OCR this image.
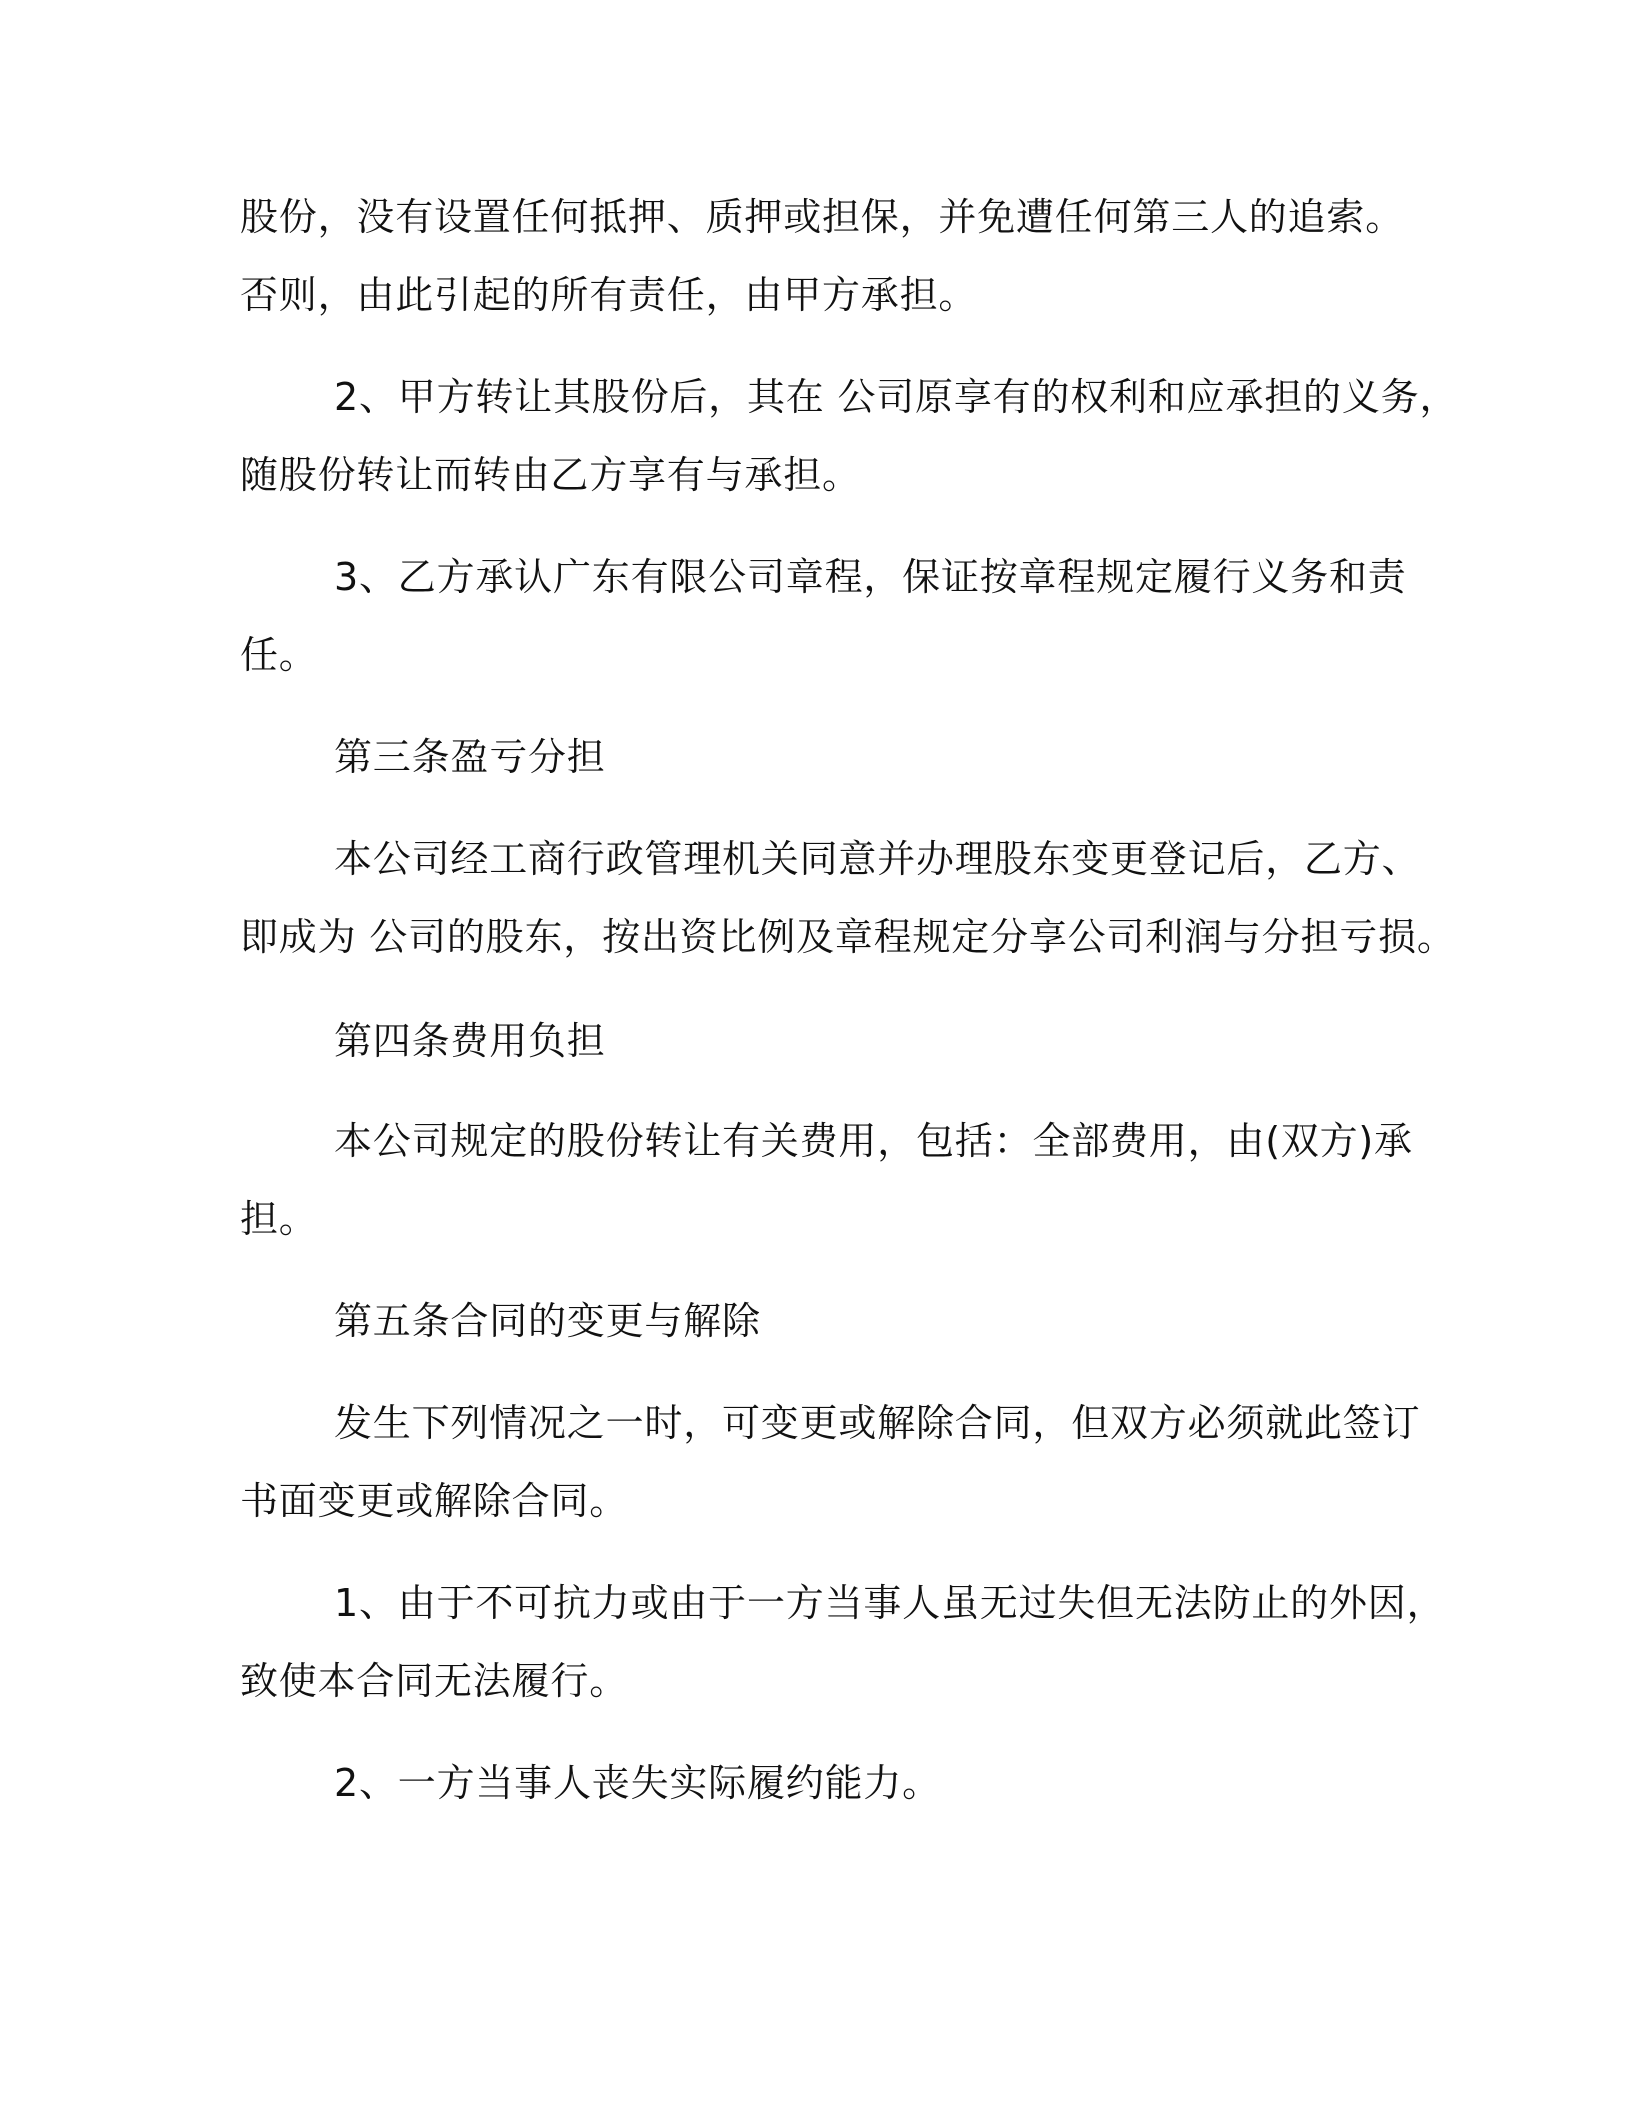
股份，没有设置任何抵押、质押或担保，并免遭任何第三人的追索。
否则，由此引起的所有责任，由甲方承担。
2、甲方转让其股份后，其在 公司原享有的权利和应承担的义务，
随股份转让而转由乙方享有与承担。
3、乙方承认广东有限公司章程，保证按章程规定履行义务和责
任。
第三条盈亏分担
本公司经工商行政管理机关同意并办理股东变更登记后，乙方、
即成为 公司的股东，按出资比例及章程规定分享公司利润与分担亏损。
第四条费用负担
本公司规定的股份转让有关费用，包括：全部费用，由(双方)承
担。
第五条合同的变更与解除
发生下列情况之一时，可变更或解除合同，但双方必须就此签订
书面变更或解除合同。
1、由于不可抗力或由于一方当事人虽无过失但无法防止的外因，
致使本合同无法履行。
2、一方当事人丧失实际履约能力。
